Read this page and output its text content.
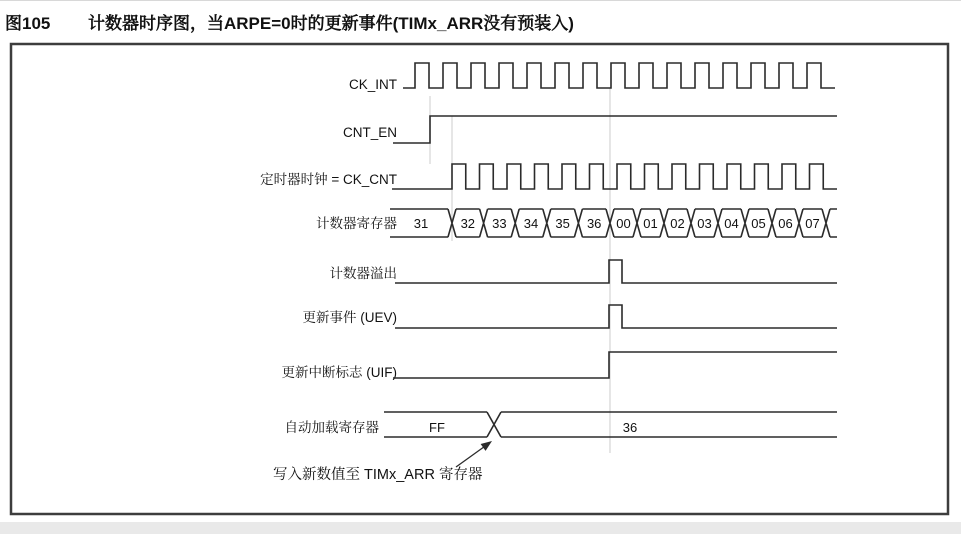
图105 计数器时序图，当ARPE=0时的更新事件(TIMx_ARR没有预装入)
CK_INT
CNT_EN
定时器时钟 = CK_CNT
计数器寄存器 31 32 33 34 35 36 00 01 02 03 04 05 06 07
计数器溢出
更新事件 (UEV)
更新中断标志 (UIF)
自动加载寄存器	FF	36
写入新数值至 TIMx_ARR 寄存器
